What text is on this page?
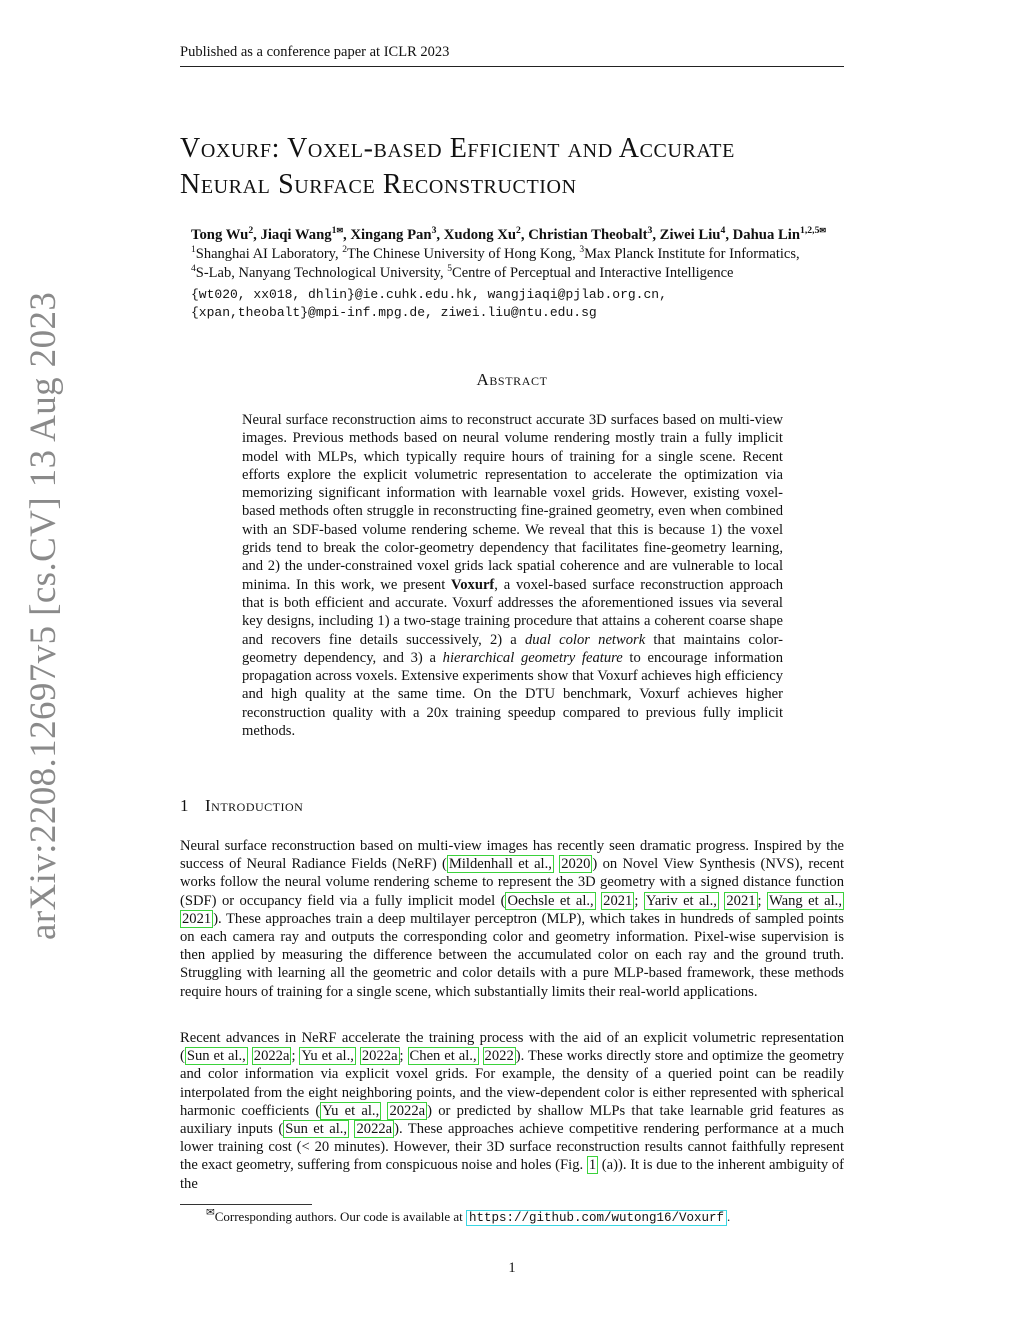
Published as a conference paper at ICLR 2023
arXiv:2208.12697v5 [cs.CV] 13 Aug 2023
Voxurf: Voxel-based Efficient and Accurate
Neural Surface Reconstruction
Tong Wu$^2$, Jiaqi Wang$^{1✉}$, Xingang Pan$^3$, Xudong Xu$^2$, Christian Theobalt$^3$, Ziwei Liu$^4$, Dahua Lin$^{1,2,5✉}$
$^1$Shanghai AI Laboratory, $^2$The Chinese University of Hong Kong, $^3$Max Planck Institute for Informatics,
$^4$S-Lab, Nanyang Technological University, $^5$Centre of Perceptual and Interactive Intelligence
{wt020, xx018, dhlin}@ie.cuhk.edu.hk, wangjiaqi@pjlab.org.cn,
{xpan,theobalt}@mpi-inf.mpg.de, ziwei.liu@ntu.edu.sg
Abstract
Neural surface reconstruction aims to reconstruct accurate 3D surfaces based on multi-view images. Previous methods based on neural volume rendering mostly train a fully implicit model with MLPs, which typically require hours of training for a single scene. Recent efforts explore the explicit volumetric representation to accelerate the optimization via memorizing significant information with learnable voxel grids. However, existing voxel-based methods often struggle in reconstructing fine-grained geometry, even when combined with an SDF-based volume rendering scheme. We reveal that this is because 1) the voxel grids tend to break the color-geometry dependency that facilitates fine-geometry learning, and 2) the under-constrained voxel grids lack spatial coherence and are vulnerable to local minima. In this work, we present Voxurf, a voxel-based surface reconstruction approach that is both efficient and accurate. Voxurf addresses the aforementioned issues via several key designs, including 1) a two-stage training procedure that attains a coherent coarse shape and recovers fine details successively, 2) a dual color network that maintains color-geometry dependency, and 3) a hierarchical geometry feature to encourage information propagation across voxels. Extensive experiments show that Voxurf achieves high efficiency and high quality at the same time. On the DTU benchmark, Voxurf achieves higher reconstruction quality with a 20x training speedup compared to previous fully implicit methods.
1 Introduction
Neural surface reconstruction based on multi-view images has recently seen dramatic progress. Inspired by the success of Neural Radiance Fields (NeRF) ( Mildenhall et al., 2020 ) on Novel View Synthesis (NVS), recent works follow the neural volume rendering scheme to represent the 3D geometry with a signed distance function (SDF) or occupancy field via a fully implicit model ( Oechsle et al., 2021 ; Yariv et al., 2021 ; Wang et al., 2021 ). These approaches train a deep multilayer perceptron (MLP), which takes in hundreds of sampled points on each camera ray and outputs the corresponding color and geometry information. Pixel-wise supervision is then applied by measuring the difference between the accumulated color on each ray and the ground truth. Struggling with learning all the geometric and color details with a pure MLP-based framework, these methods require hours of training for a single scene, which substantially limits their real-world applications.
Recent advances in NeRF accelerate the training process with the aid of an explicit volumetric representation ( Sun et al., 2022a ; Yu et al., 2022a ; Chen et al., 2022 ). These works directly store and optimize the geometry and color information via explicit voxel grids. For example, the density of a queried point can be readily interpolated from the eight neighboring points, and the view-dependent color is either represented with spherical harmonic coefficients ( Yu et al., 2022a ) or predicted by shallow MLPs that take learnable grid features as auxiliary inputs ( Sun et al., 2022a ). These approaches achieve competitive rendering performance at a much lower training cost (< 20 minutes). However, their 3D surface reconstruction results cannot faithfully represent the exact geometry, suffering from conspicuous noise and holes (Fig. 1 (a)). It is due to the inherent ambiguity of the
✉Corresponding authors. Our code is available at https://github.com/wutong16/Voxurf .
1
